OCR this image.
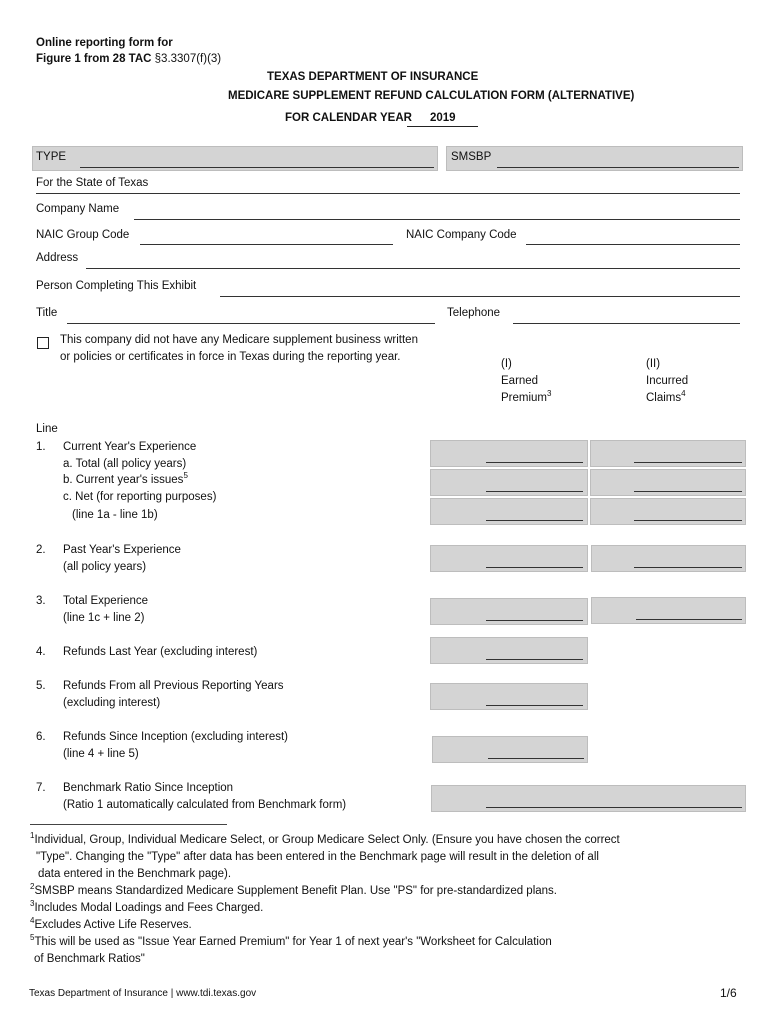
Online reporting form for
Figure 1 from 28 TAC §3.3307(f)(3)
TEXAS DEPARTMENT OF INSURANCE
MEDICARE SUPPLEMENT REFUND CALCULATION FORM (ALTERNATIVE)
FOR CALENDAR YEAR 2019
TYPE	SMSBP
For the State of Texas
Company Name
NAIC Group Code	NAIC Company Code
Address
Person Completing This Exhibit
Title	Telephone
This company did not have any Medicare supplement business written
or policies or certificates in force in Texas during the reporting year.
(I)
Earned
Premium$^3$
(II)
Incurred
Claims$^4$
Line
1. Current Year's Experience
a. Total (all policy years)
b. Current year's issues$^5$
c. Net (for reporting purposes)
(line 1a - line 1b)
2. Past Year's Experience
(all policy years)
3. Total Experience
(line 1c + line 2)
4. Refunds Last Year (excluding interest)
5. Refunds From all Previous Reporting Years
(excluding interest)
6. Refunds Since Inception (excluding interest)
(line 4 + line 5)
7. Benchmark Ratio Since Inception
(Ratio 1 automatically calculated from Benchmark form)
$^1$Individual, Group, Individual Medicare Select, or Group Medicare Select Only. (Ensure you have chosen the correct
"Type". Changing the "Type" after data has been entered in the Benchmark page will result in the deletion of all
data entered in the Benchmark page).
$^2$SMSBP means Standardized Medicare Supplement Benefit Plan. Use "PS" for pre-standardized plans.
$^3$Includes Modal Loadings and Fees Charged.
$^4$Excludes Active Life Reserves.
$^5$This will be used as "Issue Year Earned Premium" for Year 1 of next year's "Worksheet for Calculation
of Benchmark Ratios"
Texas Department of Insurance | www.tdi.texas.gov	1/6
